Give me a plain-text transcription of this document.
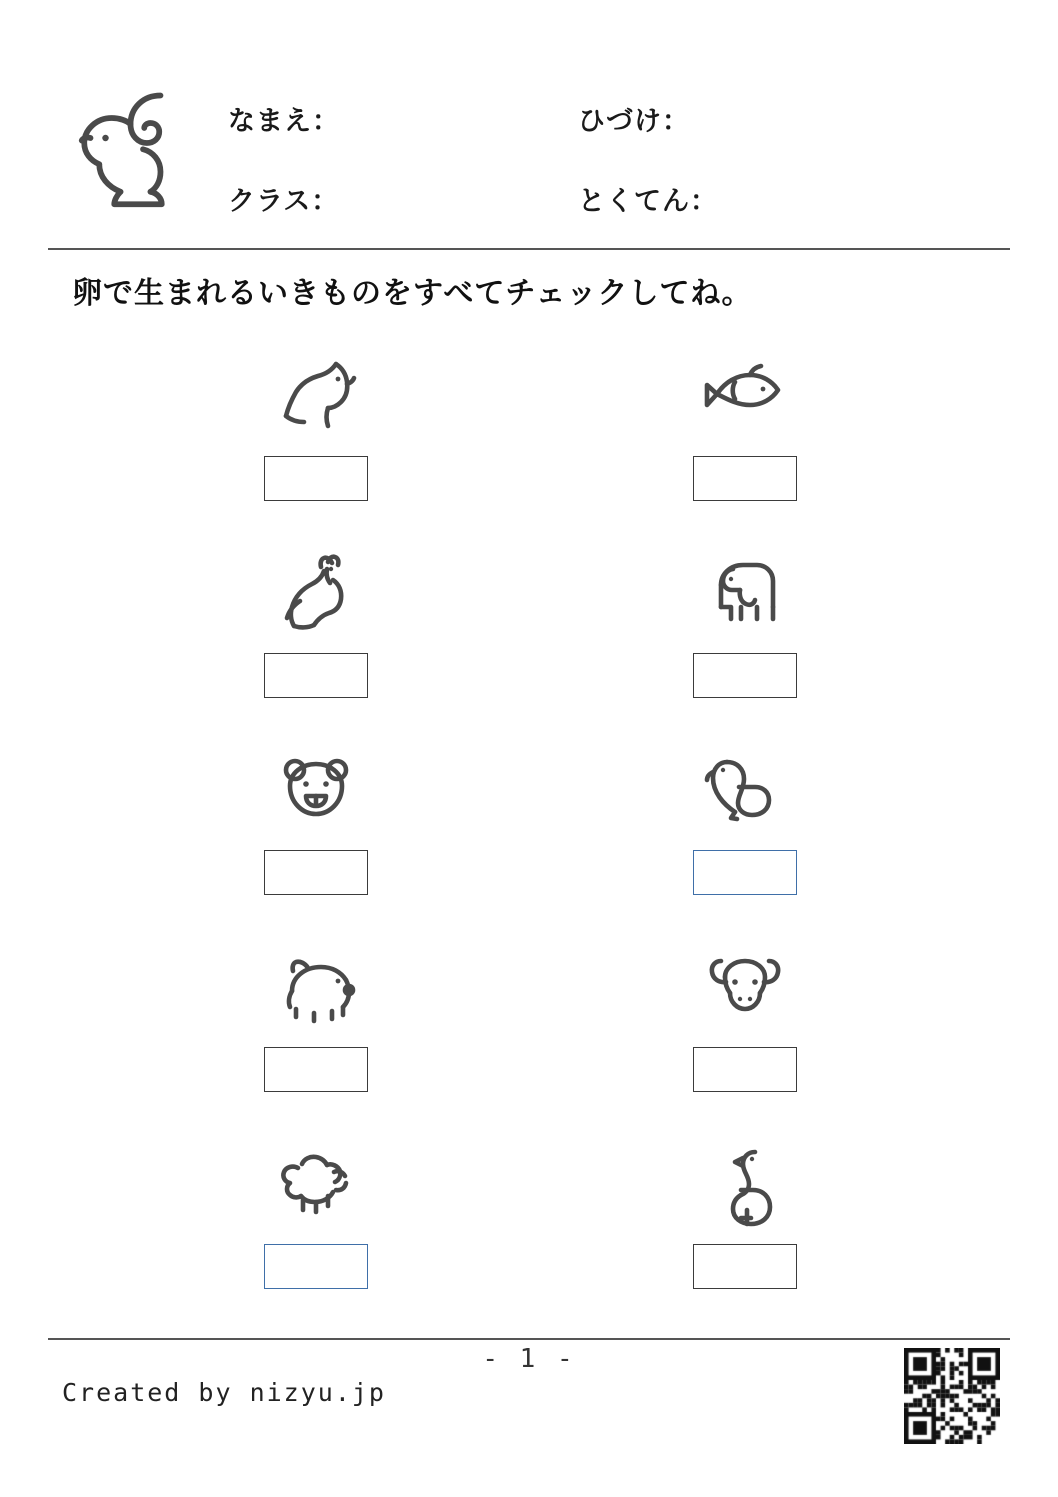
なまえ：	ひづけ：
クラス：	とくてん：
卵で生まれるいきものをすべてチェックしてね。
- 1 -
Created by nizyu.jp
